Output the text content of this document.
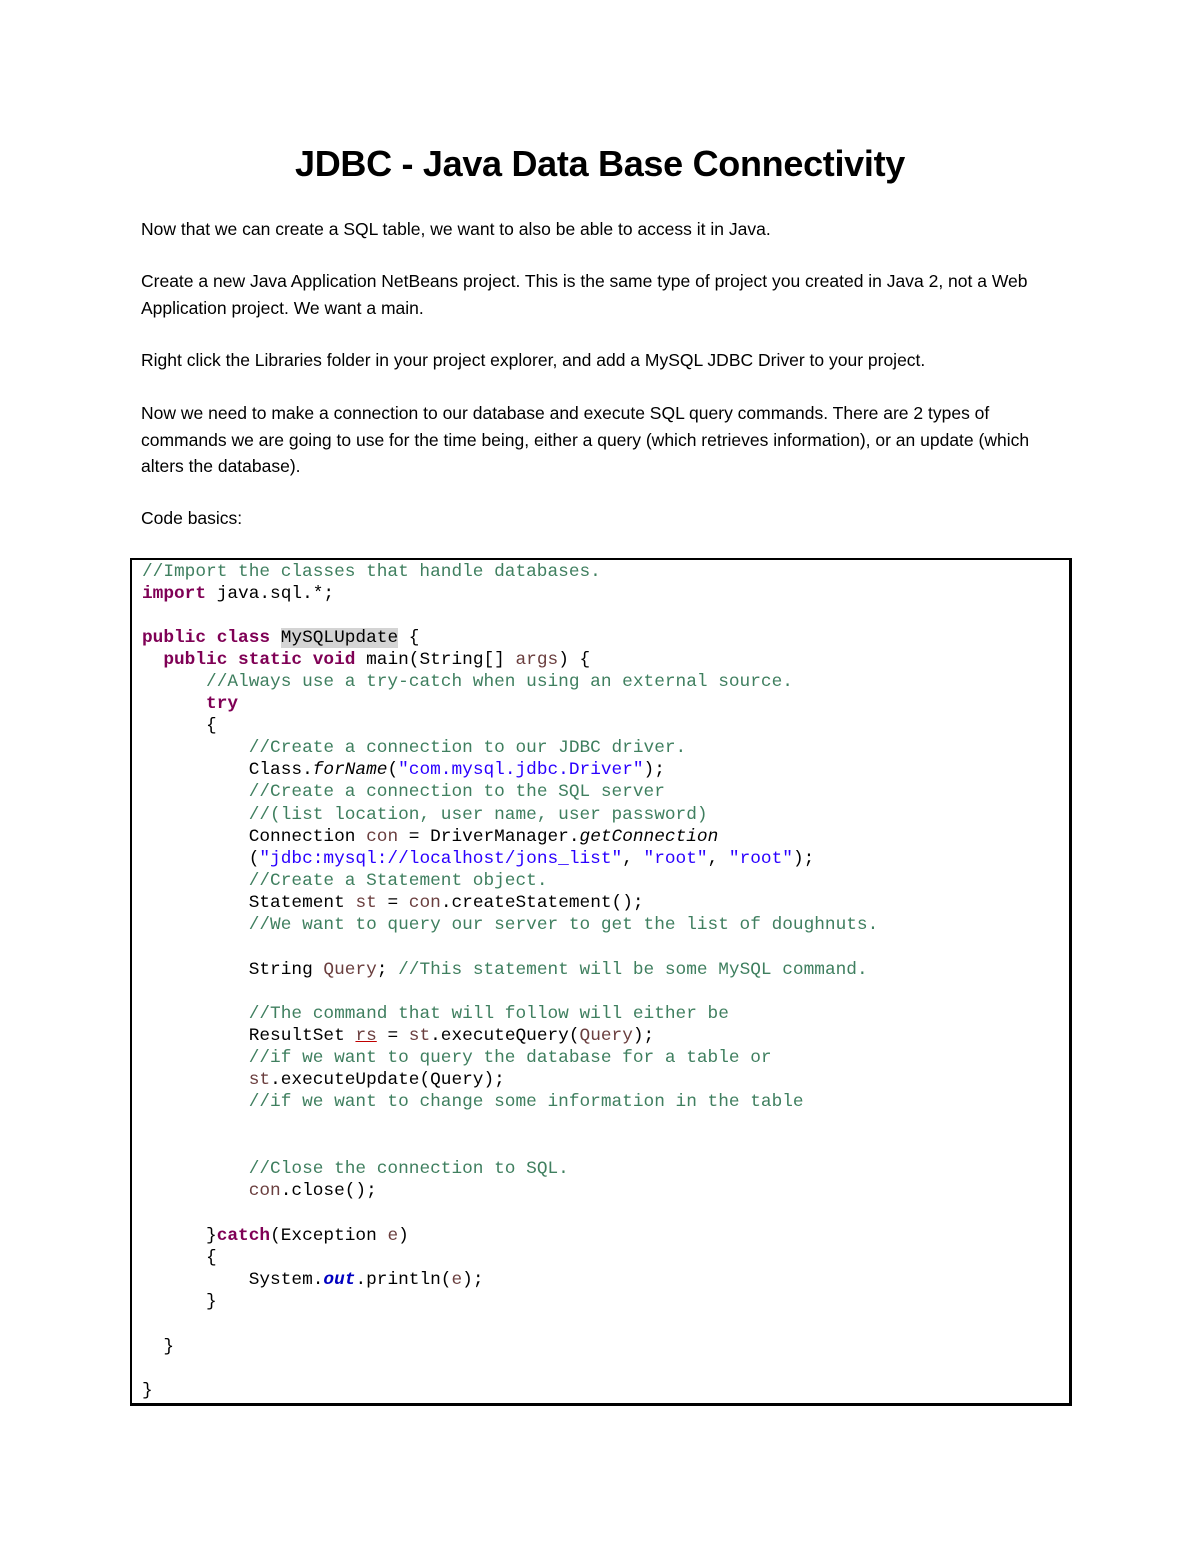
JDBC - Java Data Base Connectivity

Now that we can create a SQL table, we want to also be able to access it in Java.

Create a new Java Application NetBeans project. This is the same type of project you created in Java 2, not a Web Application project. We want a main.

Right click the Libraries folder in your project explorer, and add a MySQL JDBC Driver to your project.

Now we need to make a connection to our database and execute SQL query commands. There are 2 types of commands we are going to use for the time being, either a query (which retrieves information), or an update (which alters the database).

Code basics:

//Import the classes that handle databases.
import java.sql.*;
public class MySQLUpdate {
public static void main(String[] args) {
//Always use a try-catch when using an external source.
try
{
//Create a connection to our JDBC driver.
Class.forName("com.mysql.jdbc.Driver");
//Create a connection to the SQL server
//(list location, user name, user password)
Connection con = DriverManager.getConnection
("jdbc:mysql://localhost/jons_list", "root", "root");
//Create a Statement object.
Statement st = con.createStatement();
//We want to query our server to get the list of doughnuts.
String Query; //This statement will be some MySQL command.
//The command that will follow will either be
ResultSet rs = st.executeQuery(Query);
//if we want to query the database for a table or
st.executeUpdate(Query);
//if we want to change some information in the table
//Close the connection to SQL.
con.close();
}catch(Exception e)
{
System.out.println(e);
}
}
}
